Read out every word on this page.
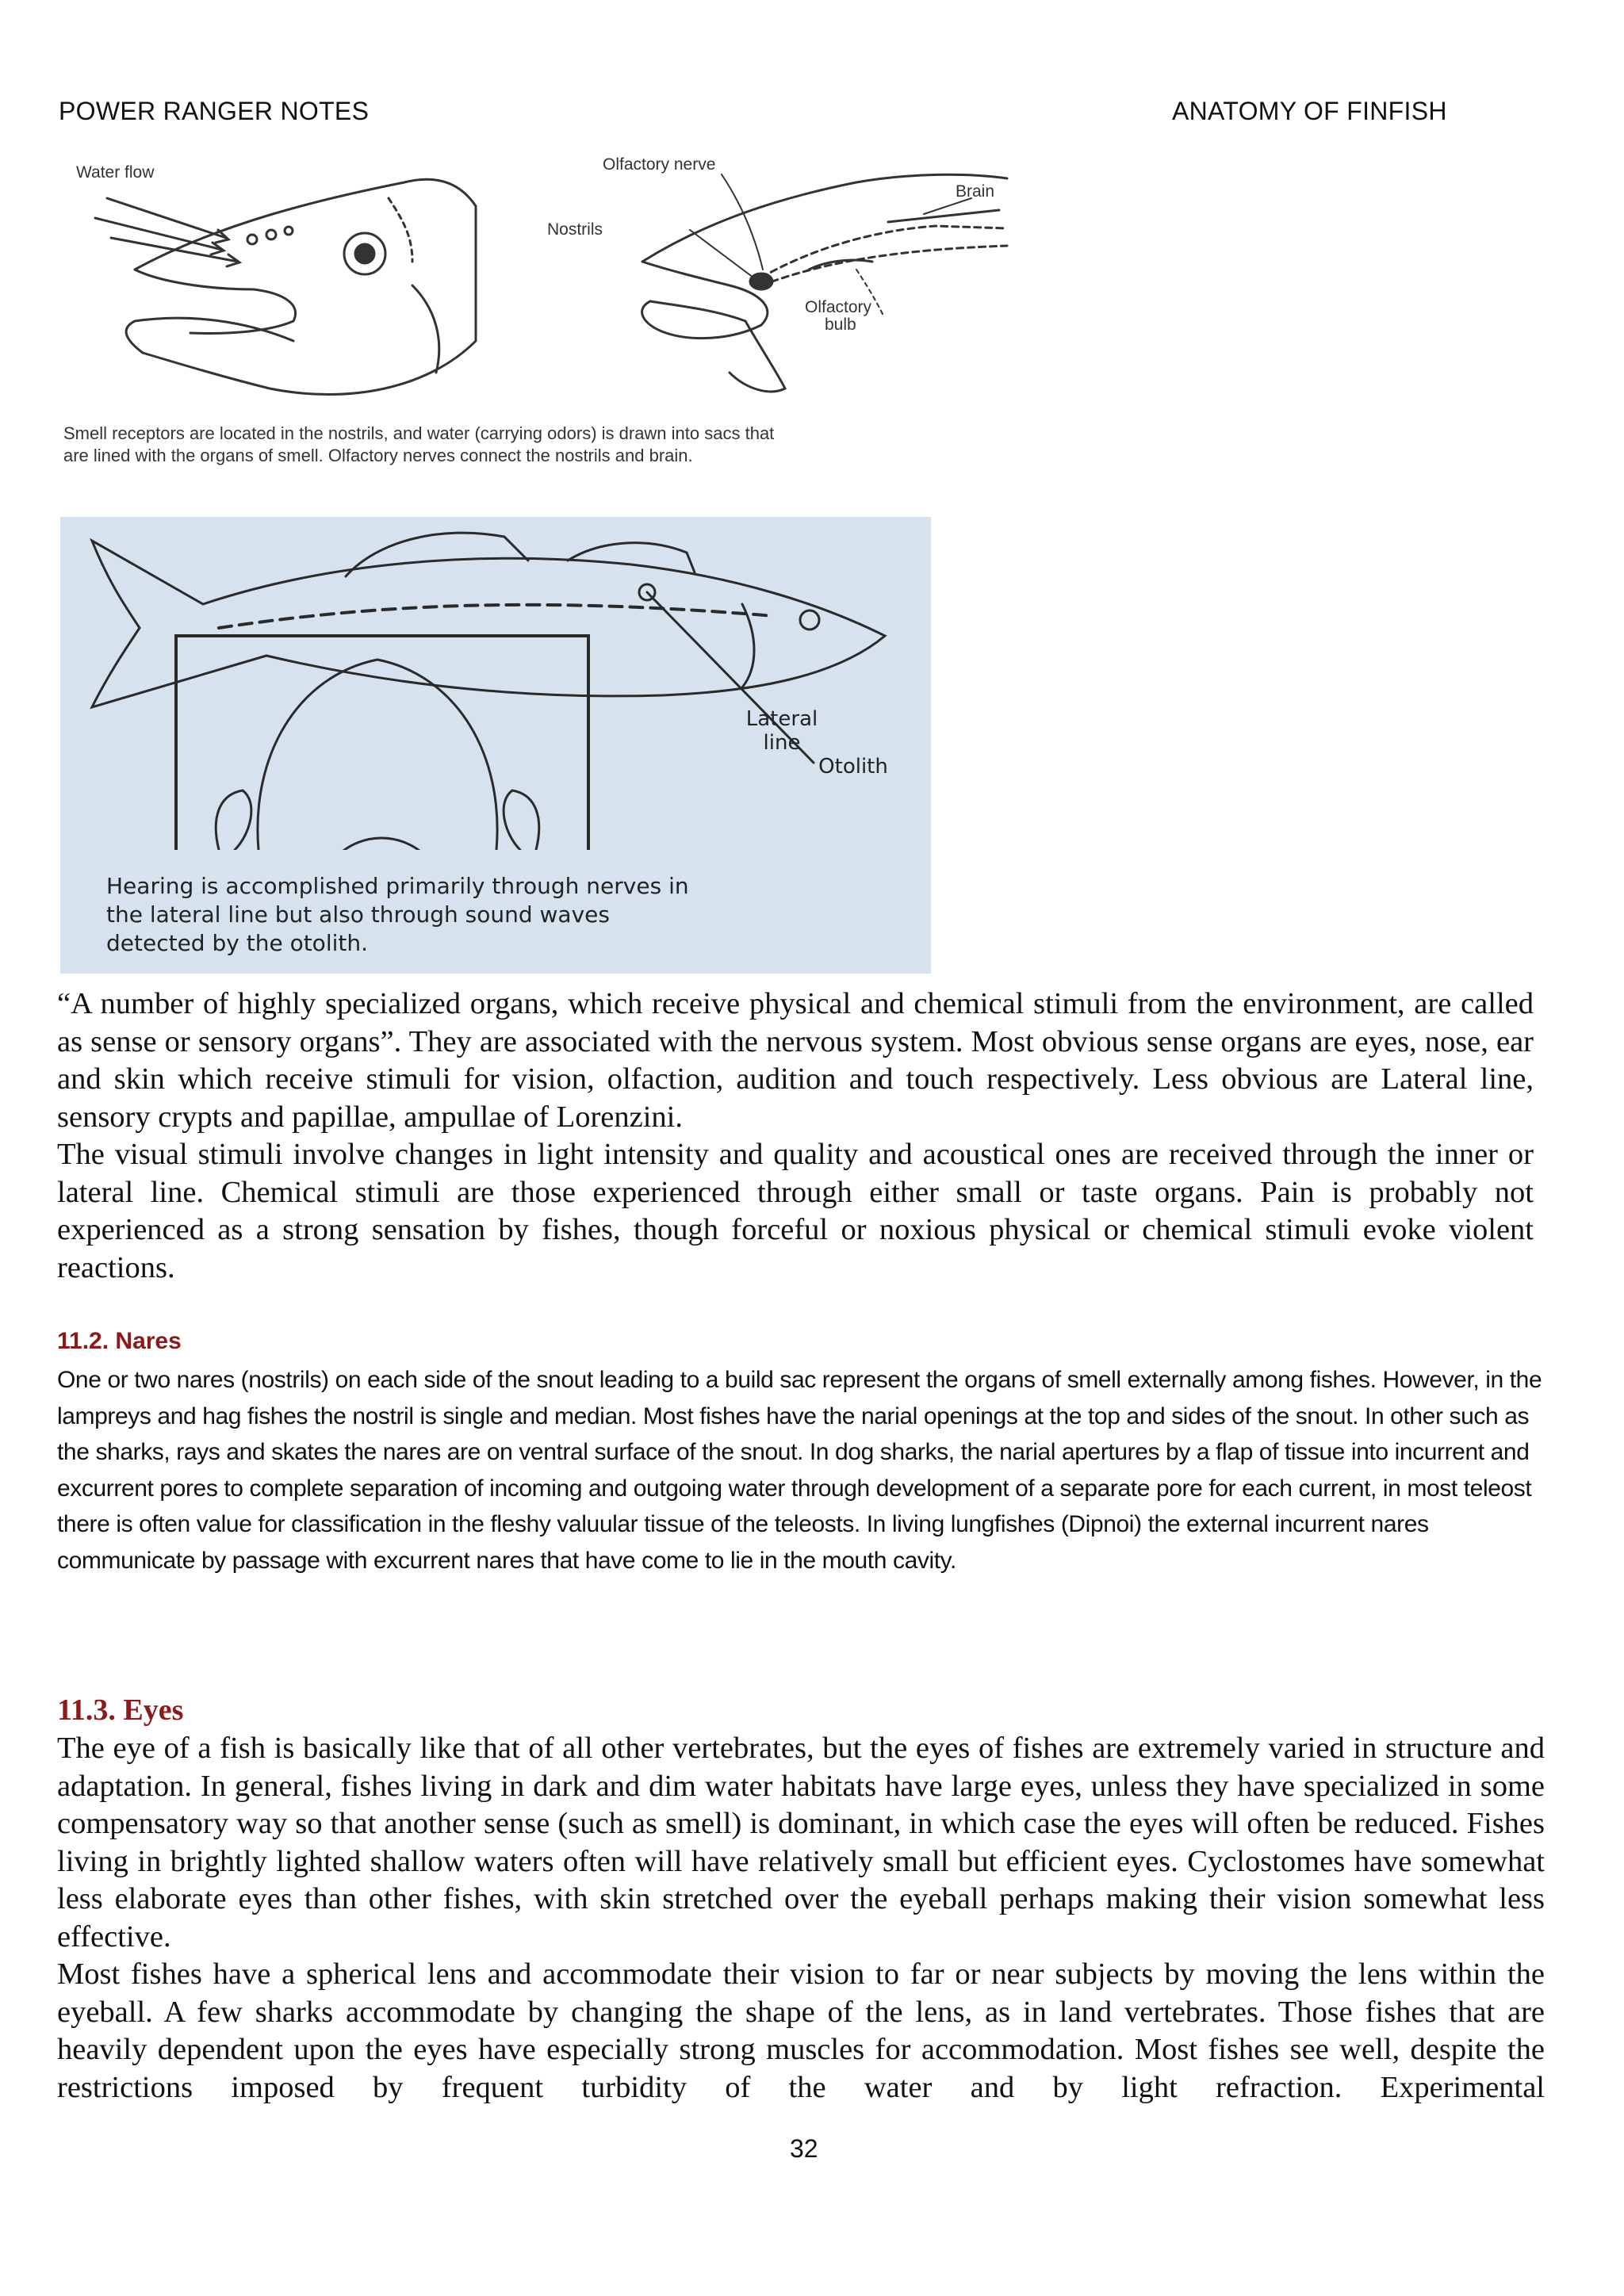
POWER RANGER NOTES	ANATOMY OF FINFISH
Water flow	Olfactory nerve
Brain
Nostrils
Olfactory
bulb
Smell receptors are located in the nostrils, and water (carrying odors) is drawn into sacs that
are lined with the organs of smell. Olfactory nerves connect the nostrils and brain.
Lateral
line
Otolith
Hearing is accomplished primarily through nerves in
the lateral line but also through sound waves
detected by the otolith.

“A number of highly specialized organs, which receive physical and chemical stimuli from the environment, are called as sense or sensory organs”. They are associated with the nervous system. Most obvious sense organs are eyes, nose, ear and skin which receive stimuli for vision, olfaction, audition and touch respectively. Less obvious are Lateral line, sensory crypts and papillae, ampullae of Lorenzini.

The visual stimuli involve changes in light intensity and quality and acoustical ones are received through the inner or lateral line. Chemical stimuli are those experienced through either small or taste organs. Pain is probably not experienced as a strong sensation by fishes, though forceful or noxious physical or chemical stimuli evoke violent reactions.

11.2. Nares

One or two nares (nostrils) on each side of the snout leading to a build sac represent the organs of smell externally among fishes. However, in the lampreys and hag fishes the nostril is single and median. Most fishes have the narial openings at the top and sides of the snout. In other such as the sharks, rays and skates the nares are on ventral surface of the snout. In dog sharks, the narial apertures by a flap of tissue into incurrent and excurrent pores to complete separation of incoming and outgoing water through development of a separate pore for each current, in most teleost there is often value for classification in the fleshy valuular tissue of the teleosts. In living lungfishes (Dipnoi) the external incurrent nares communicate by passage with excurrent nares that have come to lie in the mouth cavity.

11.3. Eyes

The eye of a fish is basically like that of all other vertebrates, but the eyes of fishes are extremely varied in structure and adaptation. In general, fishes living in dark and dim water habitats have large eyes, unless they have specialized in some compensatory way so that another sense (such as smell) is dominant, in which case the eyes will often be reduced. Fishes living in brightly lighted shallow waters often will have relatively small but efficient eyes. Cyclostomes have somewhat less elaborate eyes than other fishes, with skin stretched over the eyeball perhaps making their vision somewhat less effective.

Most fishes have a spherical lens and accommodate their vision to far or near subjects by moving the lens within the eyeball. A few sharks accommodate by changing the shape of the lens, as in land vertebrates. Those fishes that are heavily dependent upon the eyes have especially strong muscles for accommodation. Most fishes see well, despite the restrictions imposed by frequent turbidity of the water and by light refraction. Experimental

32
